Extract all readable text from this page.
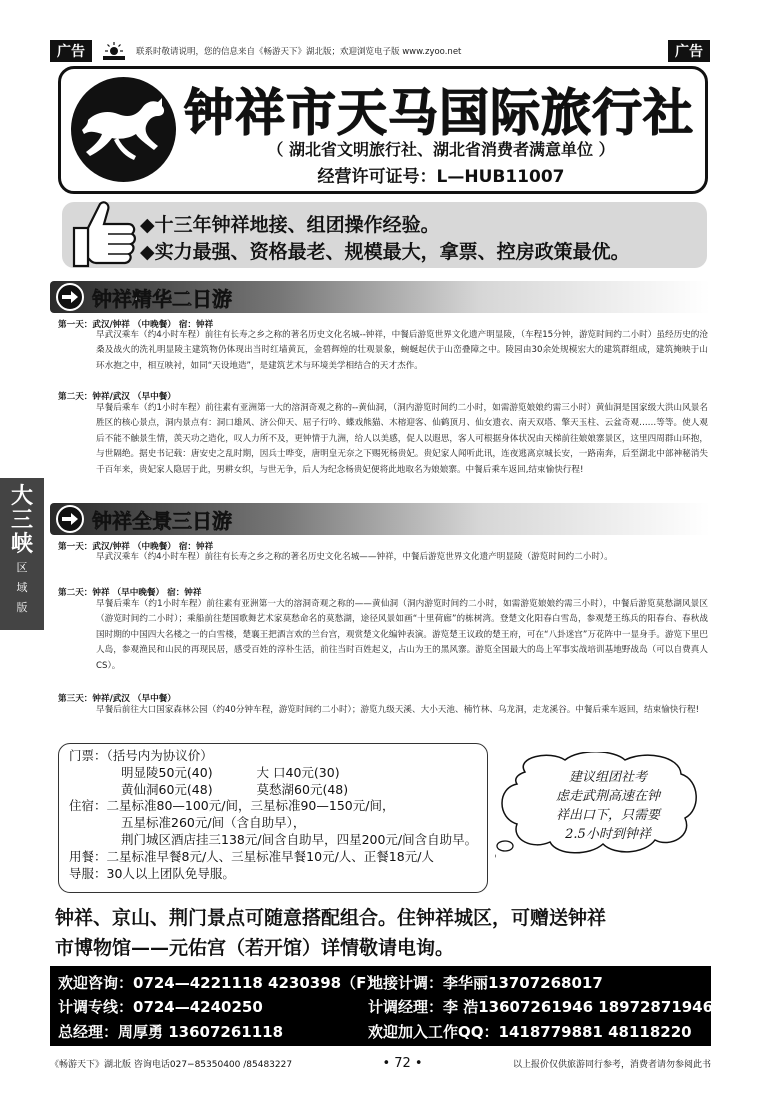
广告	联系时敬请说明，您的信息来自《畅游天下》湖北版；欢迎浏览电子版 www.zyoo.net	广告
钟祥市天马国际旅行社
（ 湖北省文明旅行社、湖北省消费者满意单位 ）
经营许可证号：L—HUB11007
◆十三年钟祥地接、组团操作经验。
◆实力最强、资格最老、规模最大，拿票、控房政策最优。
钟祥精华二日游
第一天：武汉/钟祥 （中晚餐） 宿：钟祥
早武汉乘车（约4小时车程）前往有长寿之乡之称的著名历史文化名城--钟祥，中餐后游览世界文化遗产明显陵，（车程15分钟，游览时间约二小时）虽经历史的沧桑及战火的洗礼明显陵主建筑物仍体现出当时红墙黄瓦，金碧辉煌的壮观景象，蜿蜒起伏于山峦叠障之中。陵园由30余处规模宏大的建筑群组成，建筑掩映于山环水抱之中，相互映衬，如同“天设地造”，是建筑艺术与环境美学相结合的天才杰作。
第二天：钟祥/武汉 （早中餐）
早餐后乘车（约1小时车程）前往素有亚洲第一大的溶洞奇观之称的--黄仙洞，（洞内游览时间约二小时，如需游览娘娘约需三小时）黄仙洞是国家级大洪山风景名胜区的核心景点，洞内景点有：洞口雄风、济公仰天、屈子行吟、蝶戏熊猫、木榕迎客、仙鹤顶月、仙女遗衣、南天双塔、擎天玉柱、云盆奇观……等等。使人观后不能不触景生情，羡天功之造化，叹人力所不及，更钟情于九洲，给人以美感，促人以遐思，客人可根据身体状况由天梯前往娘娘寨景区，这里四周群山环抱，与世隔绝。据史书记载：唐安史之乱时期，因兵士哗变，唐明皇无奈之下赐死杨贵妃。贵妃家人闻听此讯，连夜逃离京城长安，一路南奔，后至湖北中部神秘消失千百年来，贵妃家人隐居于此，男耕女织，与世无争，后人为纪念杨贵妃便将此地取名为娘娘寨。中餐后乘车返回,结束愉快行程!
大
三
峡
区
域
版
钟祥全景三日游
第一天：武汉/钟祥 （中晚餐） 宿：钟祥
早武汉乘车（约4小时车程）前往有长寿之乡之称的著名历史文化名城——钟祥，中餐后游览世界文化遗产明显陵（游览时间约二小时）。
第二天：钟祥 （早中晚餐） 宿：钟祥
早餐后乘车（约1小时车程）前往素有亚洲第一大的溶洞奇观之称的——黄仙洞（洞内游览时间约二小时，如需游览娘娘约需三小时），中餐后游览莫愁湖风景区（游览时间约二小时）；乘船前往楚国歌舞艺术家莫愁命名的莫愁湖，途径风景如画“十里荷廊”的栋树湾。登楚文化阳春白雪岛，参观楚王练兵的阳春台、春秋战国时期的中国四大名楼之一的白雪楼，楚襄王把酒言欢的兰台宫，观赏楚文化编钟表演。游览楚王议政的楚王府，可在“八卦迷宫”万花阵中一显身手。游览下里巴人岛，参观渔民和山民的再现民居，感受百姓的淳朴生活，前往当时百姓起义，占山为王的黑风寨。游览全国最大的岛上军事实战培训基地野战岛（可以自费真人CS）。
第三天：钟祥/武汉 （早中餐）
早餐后前往大口国家森林公园（约40分钟车程，游览时间约二小时）；游览九级天溪、大小天池、楠竹林、乌龙洞，走龙溪谷。中餐后乘车返回，结束愉快行程!
门票：（括号内为协议价）
明显陵50元(40)	大 口40元(30)
黄仙洞60元(48)	莫愁湖60元(48)
住宿：二星标准80—100元/间，三星标准90—150元/间，
五星标准260元/间（含自助早），
荆门城区酒店挂三138元/间含自助早，四星200元/间含自助早。
用餐：二星标准早餐8元/人、三星标准早餐10元/人、正餐18元/人
导服：30人以上团队免导服。
建议组团社考
虑走武荆高速在钟
祥出口下，只需要
2.5小时到钟祥
钟祥、京山、荆门景点可随意搭配组合。住钟祥城区，可赠送钟祥
市博物馆——元佑宫（若开馆）详情敬请电询。
欢迎咨询：0724—4221118 4230398（F）
地接计调：李华丽13707268017
计调专线：0724—4240250	计调经理：李 浩13607261946 18972871946
总经理：周厚勇 13607261118	欢迎加入工作QQ：1418779881 48118220
《畅游天下》湖北版 咨询电话027−85350400 /85483227	• 72 •	以上报价仅供旅游同行参考，消费者请勿参阅此书
